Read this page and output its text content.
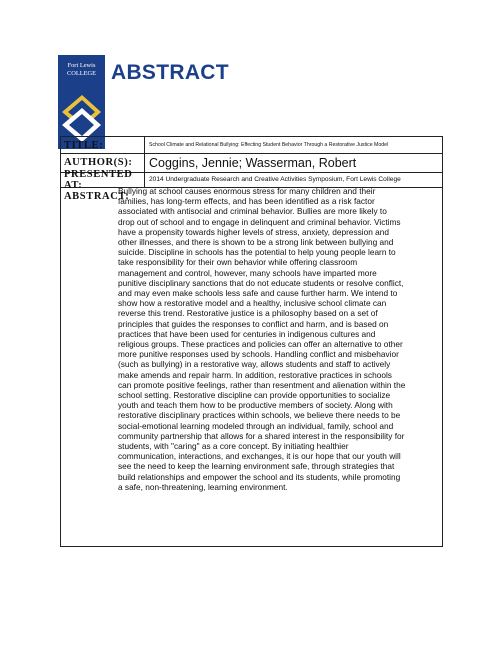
Fort Lewis
COLLEGE ABSTRACT
TITLE:	School Climate and Relational Bullying: Effecting Student Behavior Through a Restorative Justice Model
AUTHOR(S):	Coggins, Jennie; Wasserman, Robert
PRESENTED AT:	2014 Undergraduate Research and Creative Activities Symposium, Fort Lewis College
ABSTRACT:

Bullying at school causes enormous stress for many children and their
families, has long-term effects, and has been identified as a risk factor
associated with antisocial and criminal behavior. Bullies are more likely to
drop out of school and to engage in delinquent and criminal behavior. Victims
have a propensity towards higher levels of stress, anxiety, depression and
other illnesses, and there is shown to be a strong link between bullying and
suicide. Discipline in schools has the potential to help young people learn to
take responsibility for their own behavior while offering classroom
management and control, however, many schools have imparted more
punitive disciplinary sanctions that do not educate students or resolve conflict,
and may even make schools less safe and cause further harm. We intend to
show how a restorative model and a healthy, inclusive school climate can
reverse this trend. Restorative justice is a philosophy based on a set of
principles that guides the responses to conflict and harm, and is based on
practices that have been used for centuries in indigenous cultures and
religious groups. These practices and policies can offer an alternative to other
more punitive responses used by schools. Handling conflict and misbehavior
(such as bullying) in a restorative way, allows students and staff to actively
make amends and repair harm. In addition, restorative practices in schools
can promote positive feelings, rather than resentment and alienation within the
school setting. Restorative discipline can provide opportunities to socialize
youth and teach them how to be productive members of society. Along with
restorative disciplinary practices within schools, we believe there needs to be
social-emotional learning modeled through an individual, family, school and
community partnership that allows for a shared interest in the responsibility for
students, with "caring" as a core concept. By initiating healthier
communication, interactions, and exchanges, it is our hope that our youth will
see the need to keep the learning environment safe, through strategies that
build relationships and empower the school and its students, while promoting
a safe, non-threatening, learning environment.
